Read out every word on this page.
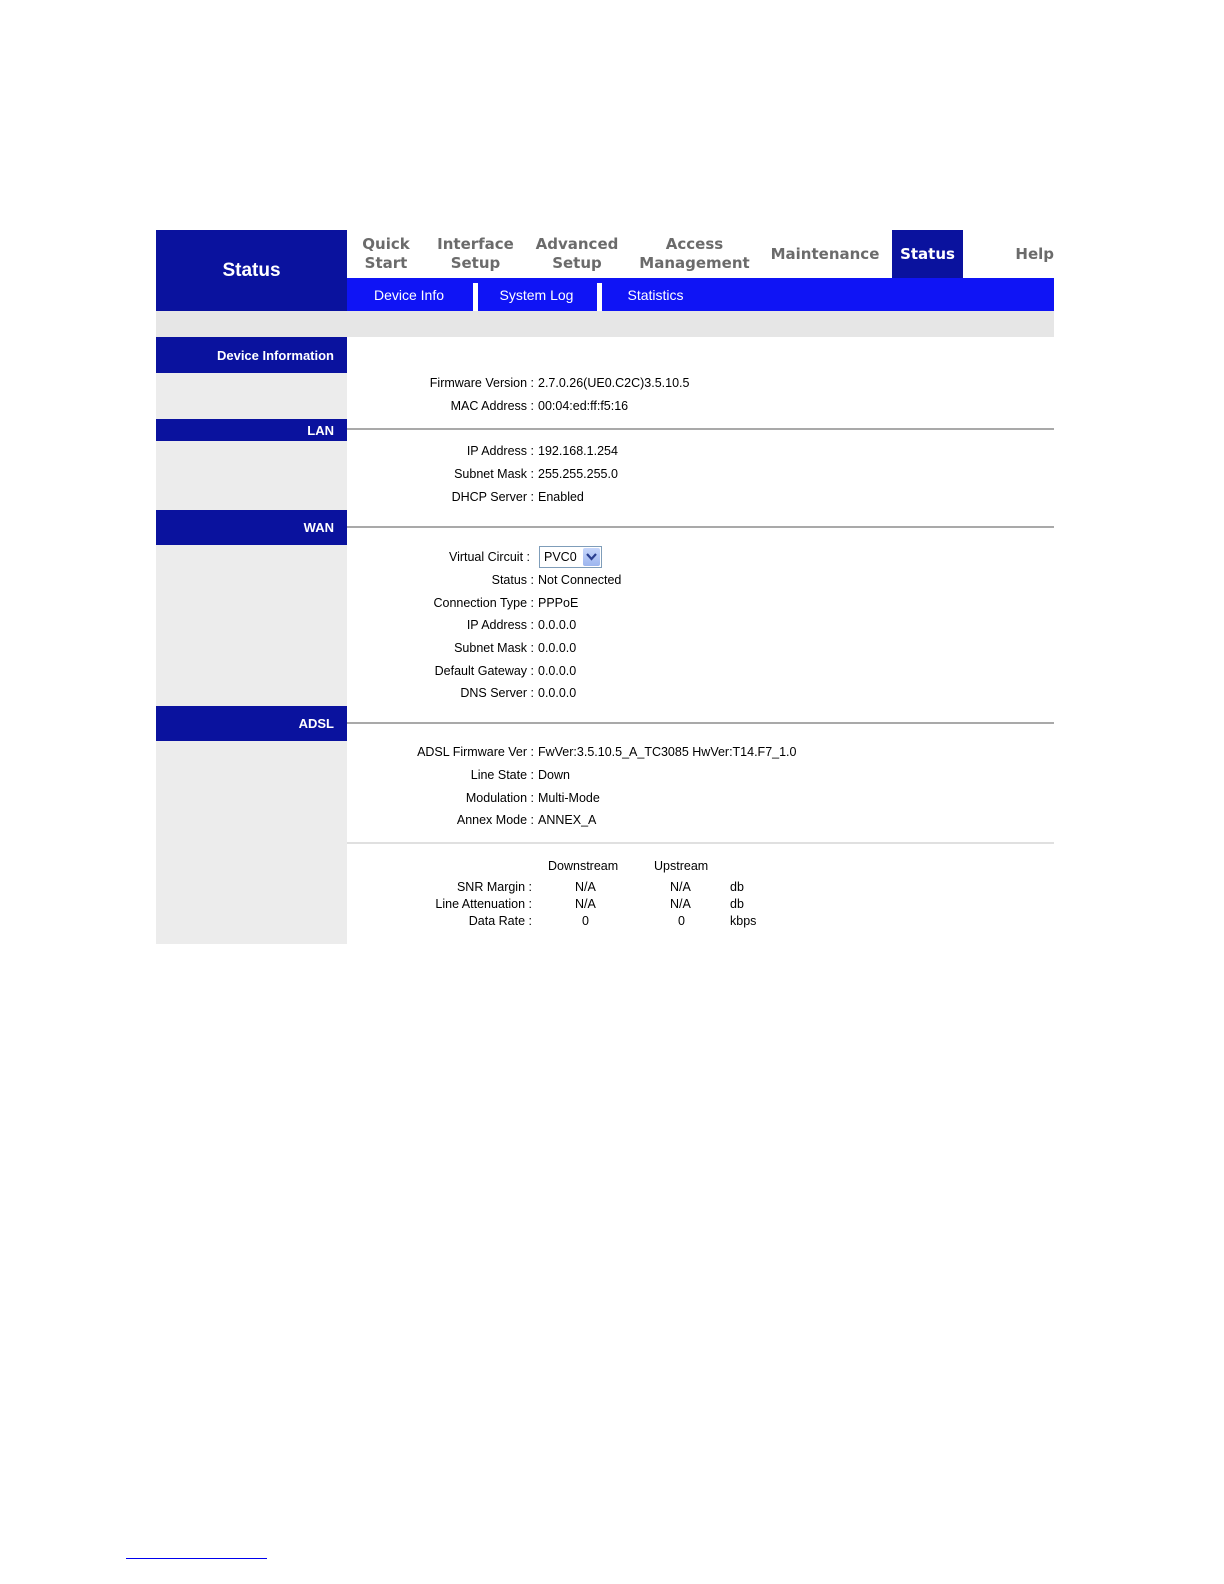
Status
Quick
Start
Interface
Setup
Advanced
Setup
Access
Management
Maintenance Status	Help
Device Info	System Log	Statistics
Device Information
Firmware Version : 2.7.0.26(UE0.C2C)3.5.10.5
MAC Address : 00:04:ed:ff:f5:16
LAN
IP Address : 192.168.1.254
Subnet Mask : 255.255.255.0
DHCP Server : Enabled
WAN
Virtual Circuit : PVC0
Status : Not Connected
Connection Type : PPPoE
IP Address : 0.0.0.0
Subnet Mask : 0.0.0.0
Default Gateway : 0.0.0.0
DNS Server : 0.0.0.0
ADSL
ADSL Firmware Ver : FwVer:3.5.10.5_A_TC3085 HwVer:T14.F7_1.0
Line State : Down
Modulation : Multi-Mode
Annex Mode : ANNEX_A
Downstream	Upstream
SNR Margin :	N/A	N/A	db
Line Attenuation :	N/A	N/A	db
Data Rate :	0	0	kbps
